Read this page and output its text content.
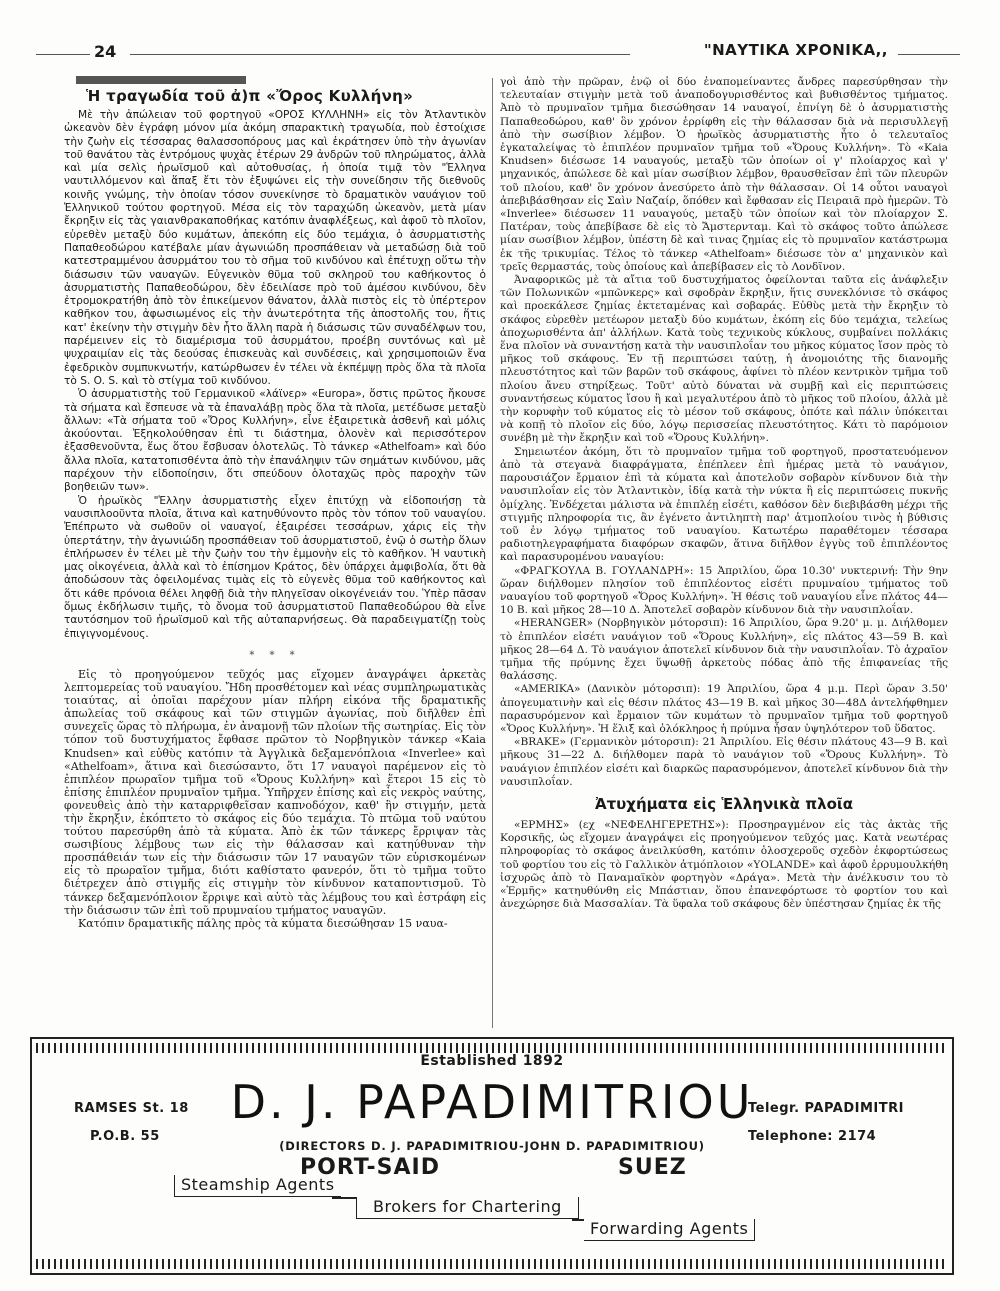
24	"ΝΑΥΤΙΚΑ ΧΡΟΝΙΚΑ,,
Ἡ τραγωδία τοῦ ἀ)π «Ὄρος Κυλλήνη»

Μὲ τὴν ἀπώλειαν τοῦ φορτηγοῦ «ΟΡΟΣ ΚΥΛΛΗΝΗ» εἰς τὸν Ἀτλαντικὸν ὠκεανὸν δὲν ἐγράφη μόνον μία ἀκόμη σπαρακτικὴ τραγωδία, ποὺ ἐστοίχισε τὴν ζωὴν εἰς τέσσαρας θαλασσοπόρους μας καὶ ἐκράτησεν ὑπὸ τὴν ἀγωνίαν τοῦ θανάτου τὰς ἐντρόμους ψυχὰς ἑτέρων 29 ἀνδρῶν τοῦ πληρώματος, ἀλλὰ καὶ μία σελὶς ἡρωϊσμοῦ καὶ αὐτοθυσίας, ἡ ὁποία τιμᾷ τὸν "Ἑλληνα ναυτιλλόμενον καὶ ἅπαξ ἔτι τὸν ἐξυψώνει εἰς τὴν συνείδησιν τῆς διεθνοῦς κοινῆς γνώμης, τὴν ὁποίαν τόσον συνεκίνησε τὸ δραματικὸν ναυάγιον τοῦ Ἑλληνικοῦ τούτου φορτηγοῦ. Μέσα εἰς τὸν ταραχώδη ὠκεανὸν, μετὰ μίαν ἔκρηξιν εἰς τὰς γαιανθρακαποθήκας κατόπιν ἀναφλέξεως, καὶ ἀφοῦ τὸ πλοῖον, εὑρεθὲν μεταξὺ δύο κυμάτων, ἀπεκόπη εἰς δύο τεμάχια, ὁ ἀσυρματιστὴς Παπαθεοδώρου κατέβαλε μίαν ἀγωνιώδη προσπάθειαν νὰ μεταδώσῃ διὰ τοῦ κατεστραμμένου ἀσυρμάτου του τὸ σῆμα τοῦ κινδύνου καὶ ἐπέτυχῃ οὕτω τὴν διάσωσιν τῶν ναυαγῶν. Εὐγενικὸν θῦμα τοῦ σκληροῦ του καθήκοντος ὁ ἀσυρματιστὴς Παπαθεοδώρου, δὲν ἐδειλίασε πρὸ τοῦ ἀμέσου κινδύνου, δὲν ἐτρομοκρατήθη ἀπὸ τὸν ἐπικείμενον θάνατον, ἀλλὰ πιστὸς εἰς τὸ ὑπέρτερον καθῆκον του, ἀφωσιωμένος εἰς τὴν ἀνωτερότητα τῆς ἀποστολῆς του, ἥτις κατ' ἐκείνην τὴν στιγμὴν δὲν ἦτο ἄλλη παρὰ ἡ διάσωσις τῶν συναδέλφων του, παρέμεινεν εἰς τὸ διαμέρισμα τοῦ ἀσυρμάτου, προέβη συντόνως καὶ μὲ ψυχραιμίαν εἰς τὰς δεούσας ἐπισκευὰς καὶ συνδέσεις, καὶ χρησιμοποιῶν ἕνα ἐφεδρικὸν συμπυκνωτήν, κατώρθωσεν ἐν τέλει νὰ ἐκπέμψῃ πρὸς ὅλα τὰ πλοῖα τὸ S. O. S. καὶ τὸ στίγμα τοῦ κινδύνου.

Ὁ ἀσυρματιστὴς τοῦ Γερμανικοῦ «λάϊνερ» «Europa», ὅστις πρῶτος ἤκουσε τὰ σήματα καὶ ἔσπευσε νὰ τὰ ἐπαναλάβῃ πρὸς ὅλα τὰ πλοῖα, μετέδωσε μεταξὺ ἄλλων: «Τὰ σήματα τοῦ «Ὄρος Κυλλήνη», εἶνε ἐξαιρετικὰ ἀσθενῆ καὶ μόλις ἀκούονται. Ἐξηκολούθησαν ἐπὶ τι διάστημα, ὁλονὲν καὶ περισσότερον ἐξασθενοῦντα, ἕως ὅτου ἔσβυσαν ὁλοτελῶς. Τὸ τάνκερ «Athelfoam» καὶ δύο ἄλλα πλοῖα, κατατοπισθέντα ἀπὸ τὴν ἐπανάληψιν τῶν σημάτων κινδύνου, μᾶς παρέχουν τὴν εἰδοποίησιν, ὅτι σπεύδουν ὁλοταχῶς πρὸς παροχὴν τῶν βοηθειῶν των».

Ὁ ἡρωϊκὸς "Ἑλλην ἀσυρματιστὴς εἶχεν ἐπιτύχῃ νὰ εἰδοποιήσῃ τὰ ναυσιπλοοῦντα πλοῖα, ἅτινα καὶ κατηυθύνοντο πρὸς τὸν τόπον τοῦ ναυαγίου. Ἐπέπρωτο νὰ σωθοῦν οἱ ναυαγοί, ἐξαιρέσει τεσσάρων, χάρις εἰς τὴν ὑπερτάτην, τὴν ἀγωνιώδη προσπάθειαν τοῦ ἀσυρματιστοῦ, ἐνῷ ὁ σωτὴρ ὅλων ἐπλήρωσεν ἐν τέλει μὲ τὴν ζωὴν του τὴν ἐμμονὴν εἰς τὸ καθῆκον. Ἡ ναυτικὴ μας οἰκογένεια, ἀλλὰ καὶ τὸ ἐπίσημον Κράτος, δὲν ὑπάρχει ἀμφιβολία, ὅτι θὰ ἀποδώσουν τὰς ὀφειλομένας τιμὰς εἰς τὸ εὐγενὲς θῦμα τοῦ καθήκοντος καὶ ὅτι κάθε πρόνοια θέλει ληφθῇ διὰ τὴν πληγεῖσαν οἰκογένειάν του. Ὑπὲρ πᾶσαν ὅμως ἐκδήλωσιν τιμῆς, τὸ ὄνομα τοῦ ἀσυρματιστοῦ Παπαθεοδώρου θὰ εἶνε ταυτόσημον τοῦ ἡρωϊσμοῦ καὶ τῆς αὐταπαρνήσεως. Θὰ παραδειγματίζῃ τοὺς ἐπιγιγνομένους.

* * *

Εἰς τὸ προηγούμενον τεῦχός μας εἴχομεν ἀναγράψει ἀρκετὰς λεπτομερείας τοῦ ναυαγίου. Ἤδη προσθέτομεν καὶ νέας συμπληρωματικὰς τοιαύτας, αἱ ὁποῖαι παρέχουν μίαν πλήρη εἰκόνα τῆς δραματικῆς ἀπωλείας τοῦ σκάφους καὶ τῶν στιγμῶν ἀγωνίας, ποὺ διῆλθεν ἐπὶ συνεχεῖς ὥρας τὸ πλήρωμα, ἐν ἀναμονῇ τῶν πλοίων τῆς σωτηρίας. Εἰς τὸν τόπον τοῦ δυστυχήματος ἔφθασε πρῶτον τὸ Νορβηγικὸν τάνκερ «Kaia Knudsen» καὶ εὐθὺς κατόπιν τὰ Ἀγγλικὰ δεξαμενόπλοια «Inverlee» καὶ «Athelfoam», ἅτινα καὶ διεσώσαντο, ὅτι 17 ναυαγοὶ παρέμενον εἰς τὸ ἐπιπλέον πρωραῖον τμῆμα τοῦ «Ὄρους Κυλλήνη» καὶ ἕτεροι 15 εἰς τὸ ἐπίσης ἐπιπλέον πρυμναῖον τμῆμα. Ὑπῆρχεν ἐπίσης καὶ εἷς νεκρὸς ναύτης, φονευθεὶς ἀπὸ τὴν καταρριφθεῖσαν καπνοδόχον, καθ' ἣν στιγμήν, μετὰ τὴν ἔκρηξιν, ἐκόπτετο τὸ σκάφος εἰς δύο τεμάχια. Τὸ πτῶμα τοῦ ναύτου τούτου παρεσύρθη ἀπὸ τὰ κύματα. Ἀπὸ ἐκ τῶν τάνκερς ἔρριψαν τὰς σωσιβίους λέμβους των εἰς τὴν θάλασσαν καὶ κατηύθυναν τὴν προσπάθειάν των εἰς τὴν διάσωσιν τῶν 17 ναυαγῶν τῶν εὑρισκομένων εἰς τὸ πρωραῖον τμῆμα, διότι καθίστατο φανερόν, ὅτι τὸ τμῆμα τοῦτο διέτρεχεν ἀπὸ στιγμῆς εἰς στιγμὴν τὸν κίνδυνον καταποντισμοῦ. Τὸ τάνκερ δεξαμενόπλοιον ἔρριψε καὶ αὐτὸ τὰς λέμβους του καὶ ἐστράφη εἰς τὴν διάσωσιν τῶν ἐπὶ τοῦ πρυμναίου τμήματος ναυαγῶν.

Κατόπιν δραματικῆς πάλης πρὸς τὰ κύματα διεσώθησαν 15 ναυα-

γοὶ ἀπὸ τὴν πρῶραν, ἐνῷ οἱ δύο ἐναπομείναντες ἄνδρες παρεσύρθησαν τὴν τελευταίαν στιγμὴν μετὰ τοῦ ἀναποδογυρισθέντος καὶ βυθισθέντος τμήματος. Ἀπὸ τὸ πρυμναῖον τμῆμα διεσώθησαν 14 ναυαγοί, ἐπνίγη δὲ ὁ ἀσυρματιστὴς Παπαθεοδώρου, καθ' ὃν χρόνον ἐρρίφθη εἰς τὴν θάλασσαν διὰ νὰ περισυλλεγῇ ἀπὸ τὴν σωσίβιον λέμβον. Ὁ ἡρωϊκὸς ἀσυρματιστὴς ἦτο ὁ τελευταῖος ἐγκαταλείψας τὸ ἐπιπλέον πρυμναῖον τμῆμα τοῦ «Ὄρους Κυλλήνη». Τὸ «Kaia Knudsen» διέσωσε 14 ναυαγούς, μεταξὺ τῶν ὁποίων οἱ γ' πλοίαρχος καὶ γ' μηχανικός, ἀπώλεσε δὲ καὶ μίαν σωσίβιον λέμβον, θραυσθεῖσαν ἐπὶ τῶν πλευρῶν τοῦ πλοίου, καθ' ὃν χρόνον ἀνεσύρετο ἀπὸ τὴν θάλασσαν. Οἱ 14 οὗτοι ναυαγοὶ ἀπεβιβάσθησαν εἰς Σαὶν Ναζαίρ, ὅπόθεν καὶ ἔφθασαν εἰς Πειραιᾶ πρὸ ἡμερῶν. Τὸ «Inverlee» διέσωσεν 11 ναυαγούς, μεταξὺ τῶν ὁποίων καὶ τὸν πλοίαρχον Σ. Πατέραν, τοὺς ἀπεβίβασε δὲ εἰς τὸ Ἄμστερνταμ. Καὶ τὸ σκάφος τοῦτο ἀπώλεσε μίαν σωσίβιον λέμβον, ὑπέστη δὲ καὶ τινας ζημίας εἰς τὸ πρυμναῖον κατάστρωμα ἐκ τῆς τρικυμίας. Τέλος τὸ τάνκερ «Athelfoam» διέσωσε τὸν α' μηχανικὸν καὶ τρεῖς θερμαστάς, τοὺς ὁποίους καὶ ἀπεβίβασεν εἰς τὸ Λονδῖνον.

Ἀναφορικῶς μὲ τὰ αἴτια τοῦ δυστυχήματος ὀφείλονται ταῦτα εἰς ἀνάφλεξιν τῶν Πολωνικῶν «μπῶνκερς» καὶ σφοδρὰν ἔκρηξιν, ἥτις συνεκλόνισε τὸ σκάφος καὶ προεκάλεσε ζημίας ἐκτεταμένας καὶ σοβαράς. Εὐθὺς μετὰ τὴν ἔκρηξιν τὸ σκάφος εὑρεθὲν μετέωρον μεταξὺ δύο κυμάτων, ἐκόπη εἰς δύο τεμάχια, τελείως ἀποχωρισθέντα ἀπ' ἀλλήλων. Κατὰ τοὺς τεχνικοὺς κύκλους, συμβαίνει πολλάκις ἕνα πλοῖον νὰ συναντήσῃ κατὰ τὴν ναυσιπλοΐαν του μῆκος κύματος ἴσον πρὸς τὸ μῆκος τοῦ σκάφους. Ἐν τῇ περιπτώσει ταύτῃ, ἡ ἀνομοιότης τῆς διανομῆς πλευστότητος καὶ τῶν βαρῶν τοῦ σκάφους, ἀφίνει τὸ πλέον κεντρικὸν τμῆμα τοῦ πλοίου ἄνευ στηρίξεως. Τοῦτ' αὐτὸ δύναται νὰ συμβῇ καὶ εἰς περιπτώσεις συναντήσεως κύματος ἴσου ἢ καὶ μεγαλυτέρου ἀπὸ τὸ μῆκος τοῦ πλοίου, ἀλλὰ μὲ τὴν κορυφὴν τοῦ κύματος εἰς τὸ μέσον τοῦ σκάφους, ὁπότε καὶ πάλιν ὑπόκειται νὰ κοπῇ τὸ πλοῖον εἰς δύο, λόγῳ περισσείας πλευστότητος. Κάτι τὸ παρόμοιον συνέβη μὲ τὴν ἔκρηξιν καὶ τοῦ «Ὄρους Κυλλήνη».

Σημειωτέον ἀκόμη, ὅτι τὸ πρυμναῖον τμῆμα τοῦ φορτηγοῦ, προστατευόμενον ἀπὸ τὰ στεγανὰ διαφράγματα, ἐπέπλεεν ἐπὶ ἡμέρας μετὰ τὸ ναυάγιον, παρουσιάζον ἔρμαιον ἐπὶ τὰ κύματα καὶ ἀποτελοῦν σοβαρὸν κίνδυνον διὰ τὴν ναυσιπλοΐαν εἰς τὸν Ἀτλαντικὸν, ἰδίᾳ κατὰ τὴν νύκτα ἢ εἰς περιπτώσεις πυκνῆς ὁμίχλης. Ἐνδέχεται μάλιστα νὰ ἐπιπλέῃ εἰσέτι, καθόσον δὲν διεβιβάσθη μέχρι τῆς στιγμῆς πληροφορία τις, ἂν ἐγένετο ἀντιληπτὴ παρ' ἀτμοπλοίου τινὸς ἡ βύθισις τοῦ ἐν λόγῳ τμήματος τοῦ ναυαγίου. Κατωτέρω παραθέτομεν τέσσαρα ραδιοτηλεγραφήματα διαφόρων σκαφῶν, ἅτινα διῆλθον ἐγγὺς τοῦ ἐπιπλέοντος καὶ παρασυρομένου ναυαγίου:

«ΦΡΑΓΚΟΥΛΑ Β. ΓΟΥΛΑΝΔΡΗ»: 15 Ἀπριλίου, ὥρα 10.30' νυκτερινή: Τὴν 9ην ὥραν διήλθομεν πλησίον τοῦ ἐπιπλέοντος εἰσέτι πρυμναίου τμήματος τοῦ ναυαγίου τοῦ φορτηγοῦ «Ὄρος Κυλλήνη». Ἡ θέσις τοῦ ναυαγίου εἶνε πλάτος 44—10 Β. καὶ μῆκος 28—10 Δ. Ἀποτελεῖ σοβαρὸν κίνδυνον διὰ τὴν ναυσιπλοΐαν.

«HERANGER» (Νορβηγικὸν μότορσιπ): 16 Ἀπριλίου, ὥρα 9.20' μ. μ. Διήλθομεν τὸ ἐπιπλέον εἰσέτι ναυάγιον τοῦ «Ὄρους Κυλλήνη», εἰς πλάτος 43—59 Β. καὶ μῆκος 28—64 Δ. Τὸ ναυάγιον ἀποτελεῖ κίνδυνον διὰ τὴν ναυσιπλοΐαν. Τὸ ἀχραῖον τμῆμα τῆς πρύμνης ἔχει ὕψωθῇ ἀρκετοὺς πόδας ἀπὸ τῆς ἐπιφανείας τῆς θαλάσσης.

«AMERIKA» (Δανικὸν μότορσιπ): 19 Ἀπριλίου, ὥρα 4 μ.μ. Περὶ ὥραν 3.50' ἀπογευματινὴν καὶ εἰς θέσιν πλάτος 43—19 Β. καὶ μῆκος 30—48Δ ἀντελήφθημεν παρασυρόμενον καὶ ἔρμαιον τῶν κυμάτων τὸ πρυμναῖον τμῆμα τοῦ φορτηγοῦ «Ὄρος Κυλλήνη». Ἡ ἕλιξ καὶ ὁλόκληρος ἡ πρύμνα ἦσαν ὑψηλότερον τοῦ ὕδατος.

«BRAKE» (Γερμανικὸν μότορσιπ): 21 Ἀπριλίου. Εἰς θέσιν πλάτους 43—9 Β. καὶ μῆκους 31—22 Δ. διήλθομεν παρὰ τὸ ναυάγιον τοῦ «Ὄρους Κυλλήνη». Τὸ ναυάγιον ἐπιπλέον εἰσέτι καὶ διαρκῶς παρασυρόμενον, ἀποτελεῖ κίνδυνον διὰ τὴν ναυσιπλοΐαν.

Ἀτυχήματα εἰς Ἑλληνικὰ πλοῖα

«ΕΡΜΗΣ» (εχ «ΝΕΦΕΛΗΓΕΡΕΤΗΣ»): Προσηραγμένον εἰς τὰς ἀκτὰς τῆς Κορσικῆς, ὡς εἴχομεν ἀναγράψει εἰς προηγούμενον τεῦχός μας. Κατὰ νεωτέρας πληροφορίας τὸ σκάφος ἀνειλκύσθη, κατόπιν ὁλοσχεροῦς σχεδὸν ἐκφορτώσεως τοῦ φορτίου του εἰς τὸ Γαλλικὸν ἀτμόπλοιον «YOLANDE» καὶ ἀφοῦ ἐρρυμουλκήθη ἰσχυρῶς ἀπὸ τὸ Παναμαϊκὸν φορτηγὸν «Δράγα». Μετὰ τὴν ἀνέλκυσιν του τὸ «Ἑρμῆς» κατηυθύνθη εἰς Μπάστιαν, ὅπου ἐπανεφόρτωσε τὸ φορτίον του καὶ ἀνεχώρησε διὰ Μασσαλίαν. Τὰ ὕφαλα τοῦ σκάφους δὲν ὑπέστησαν ζημίας ἐκ τῆς

Established 1892
D. J. PAPADIMITRIOU
RAMSES St. 18
P.O.B. 55
Telegr. PAPADIMITRI
Telephone: 2174
(DIRECTORS D. J. PAPADIMITRIOU-JOHN D. PAPADIMITRIOU)
PORT-SAID	SUEZ
Steamship Agents
Brokers for Chartering
Forwarding Agents
